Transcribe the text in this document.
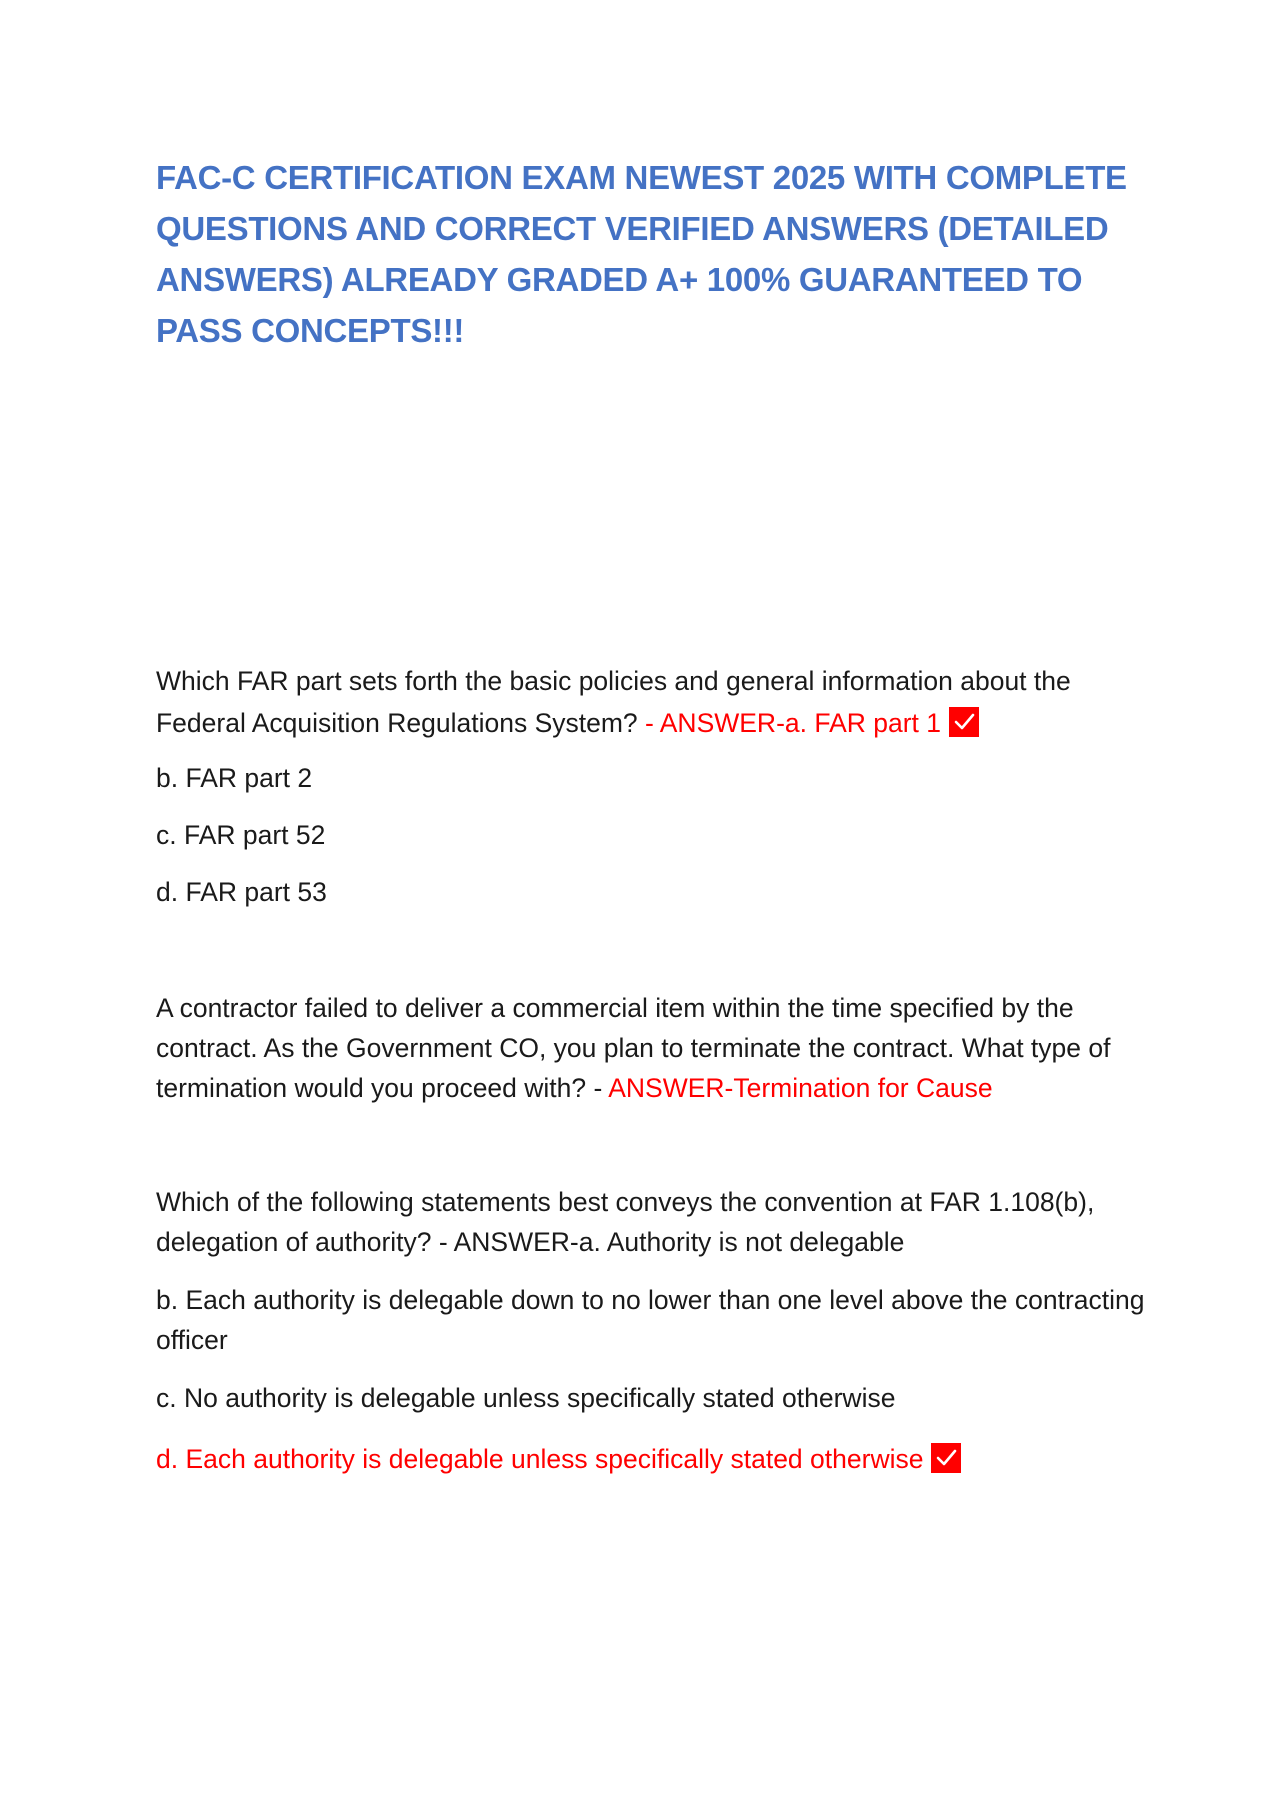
FAC-C CERTIFICATION EXAM NEWEST 2025 WITH COMPLETE QUESTIONS AND CORRECT VERIFIED ANSWERS (DETAILED ANSWERS) ALREADY GRADED A+ 100% GUARANTEED TO PASS CONCEPTS!!!

Which FAR part sets forth the basic policies and general information about the Federal Acquisition Regulations System? - ANSWER-a. FAR part 1

b. FAR part 2

c. FAR part 52

d. FAR part 53

A contractor failed to deliver a commercial item within the time specified by the contract. As the Government CO, you plan to terminate the contract. What type of termination would you proceed with? - ANSWER-Termination for Cause

Which of the following statements best conveys the convention at FAR 1.108(b), delegation of authority? - ANSWER-a. Authority is not delegable

b. Each authority is delegable down to no lower than one level above the contracting officer

c. No authority is delegable unless specifically stated otherwise

d. Each authority is delegable unless specifically stated otherwise
